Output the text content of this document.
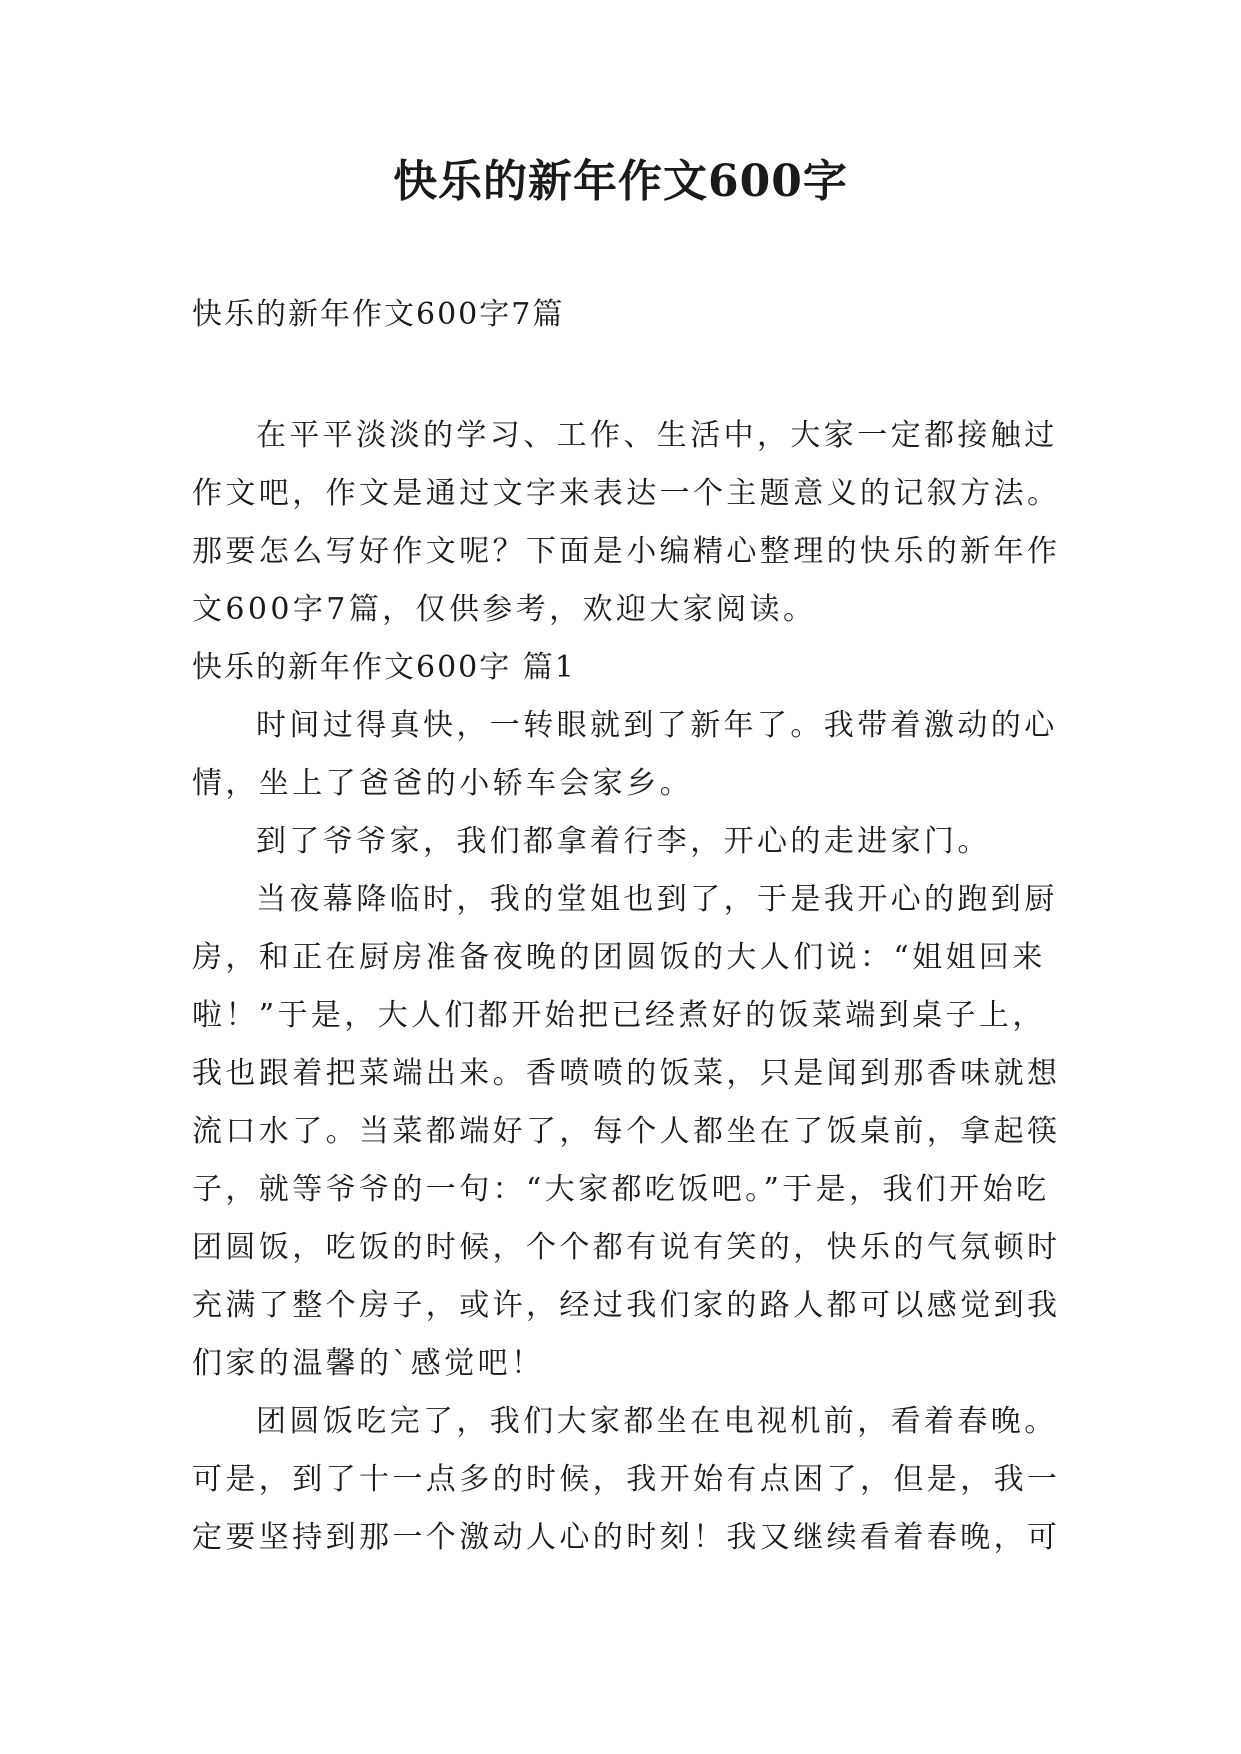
快乐的新年作文600字
快乐的新年作文600字7篇

在平平淡淡的学习、工作、生活中，大家一定都接触过作文吧，作文是通过文字来表达一个主题意义的记叙方法。那要怎么写好作文呢？下面是小编精心整理的快乐的新年作文600字7篇，仅供参考，欢迎大家阅读。

快乐的新年作文600字 篇1

时间过得真快，一转眼就到了新年了。我带着激动的心情，坐上了爸爸的小轿车会家乡。

到了爷爷家，我们都拿着行李，开心的走进家门。

当夜幕降临时，我的堂姐也到了，于是我开心的跑到厨房，和正在厨房准备夜晚的团圆饭的大人们说：“姐姐回来啦！”于是，大人们都开始把已经煮好的饭菜端到桌子上，我也跟着把菜端出来。香喷喷的饭菜，只是闻到那香味就想流口水了。当菜都端好了，每个人都坐在了饭桌前，拿起筷子，就等爷爷的一句：“大家都吃饭吧。”于是，我们开始吃团圆饭，吃饭的时候，个个都有说有笑的，快乐的气氛顿时充满了整个房子，或许，经过我们家的路人都可以感觉到我们家的温馨的`感觉吧！

团圆饭吃完了，我们大家都坐在电视机前，看着春晚。可是，到了十一点多的时候，我开始有点困了，但是，我一定要坚持到那一个激动人心的时刻！我又继续看着春晚，可
